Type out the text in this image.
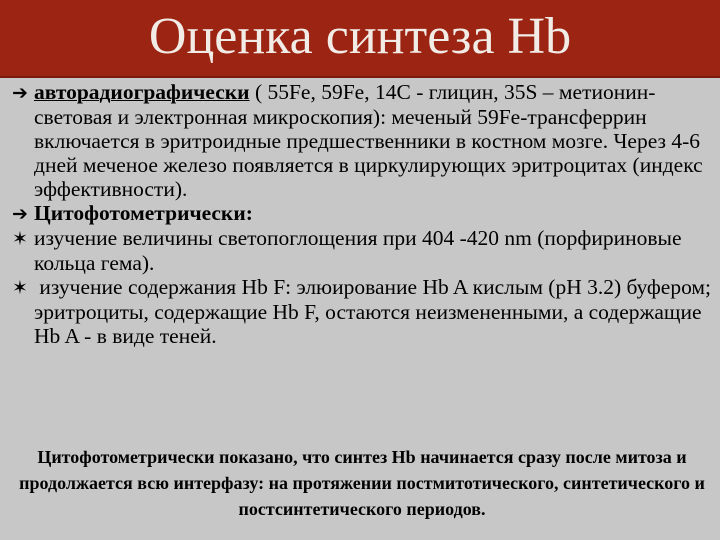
Оценка синтеза Hb

➔ авторадиографически ( 55Fe, 59Fe, 14С - глицин, 35S – метионин-световая и электронная микроскопия): меченый 59Fe-трансферрин включается в эритроидные предшественники в костном мозге. Через 4-6 дней меченое железо появляется в циркулирующих эритроцитах (индекс эффективности).

➔ Цитофотометрически:

✶ изучение величины светопоглощения при 404 -420 nm (порфириновые кольца гема).

✶ изучение содержания Hb F: элюирование Hb A кислым (pH 3.2) буфером; эритроциты, содержащие Hb F, остаются неизмененными, а содержащие Hb A - в виде теней.

Цитофотометрически показано, что синтез Hb начинается сразу после митоза и продолжается всю интерфазу: на протяжении постмитотического, синтетического и постсинтетического периодов.
